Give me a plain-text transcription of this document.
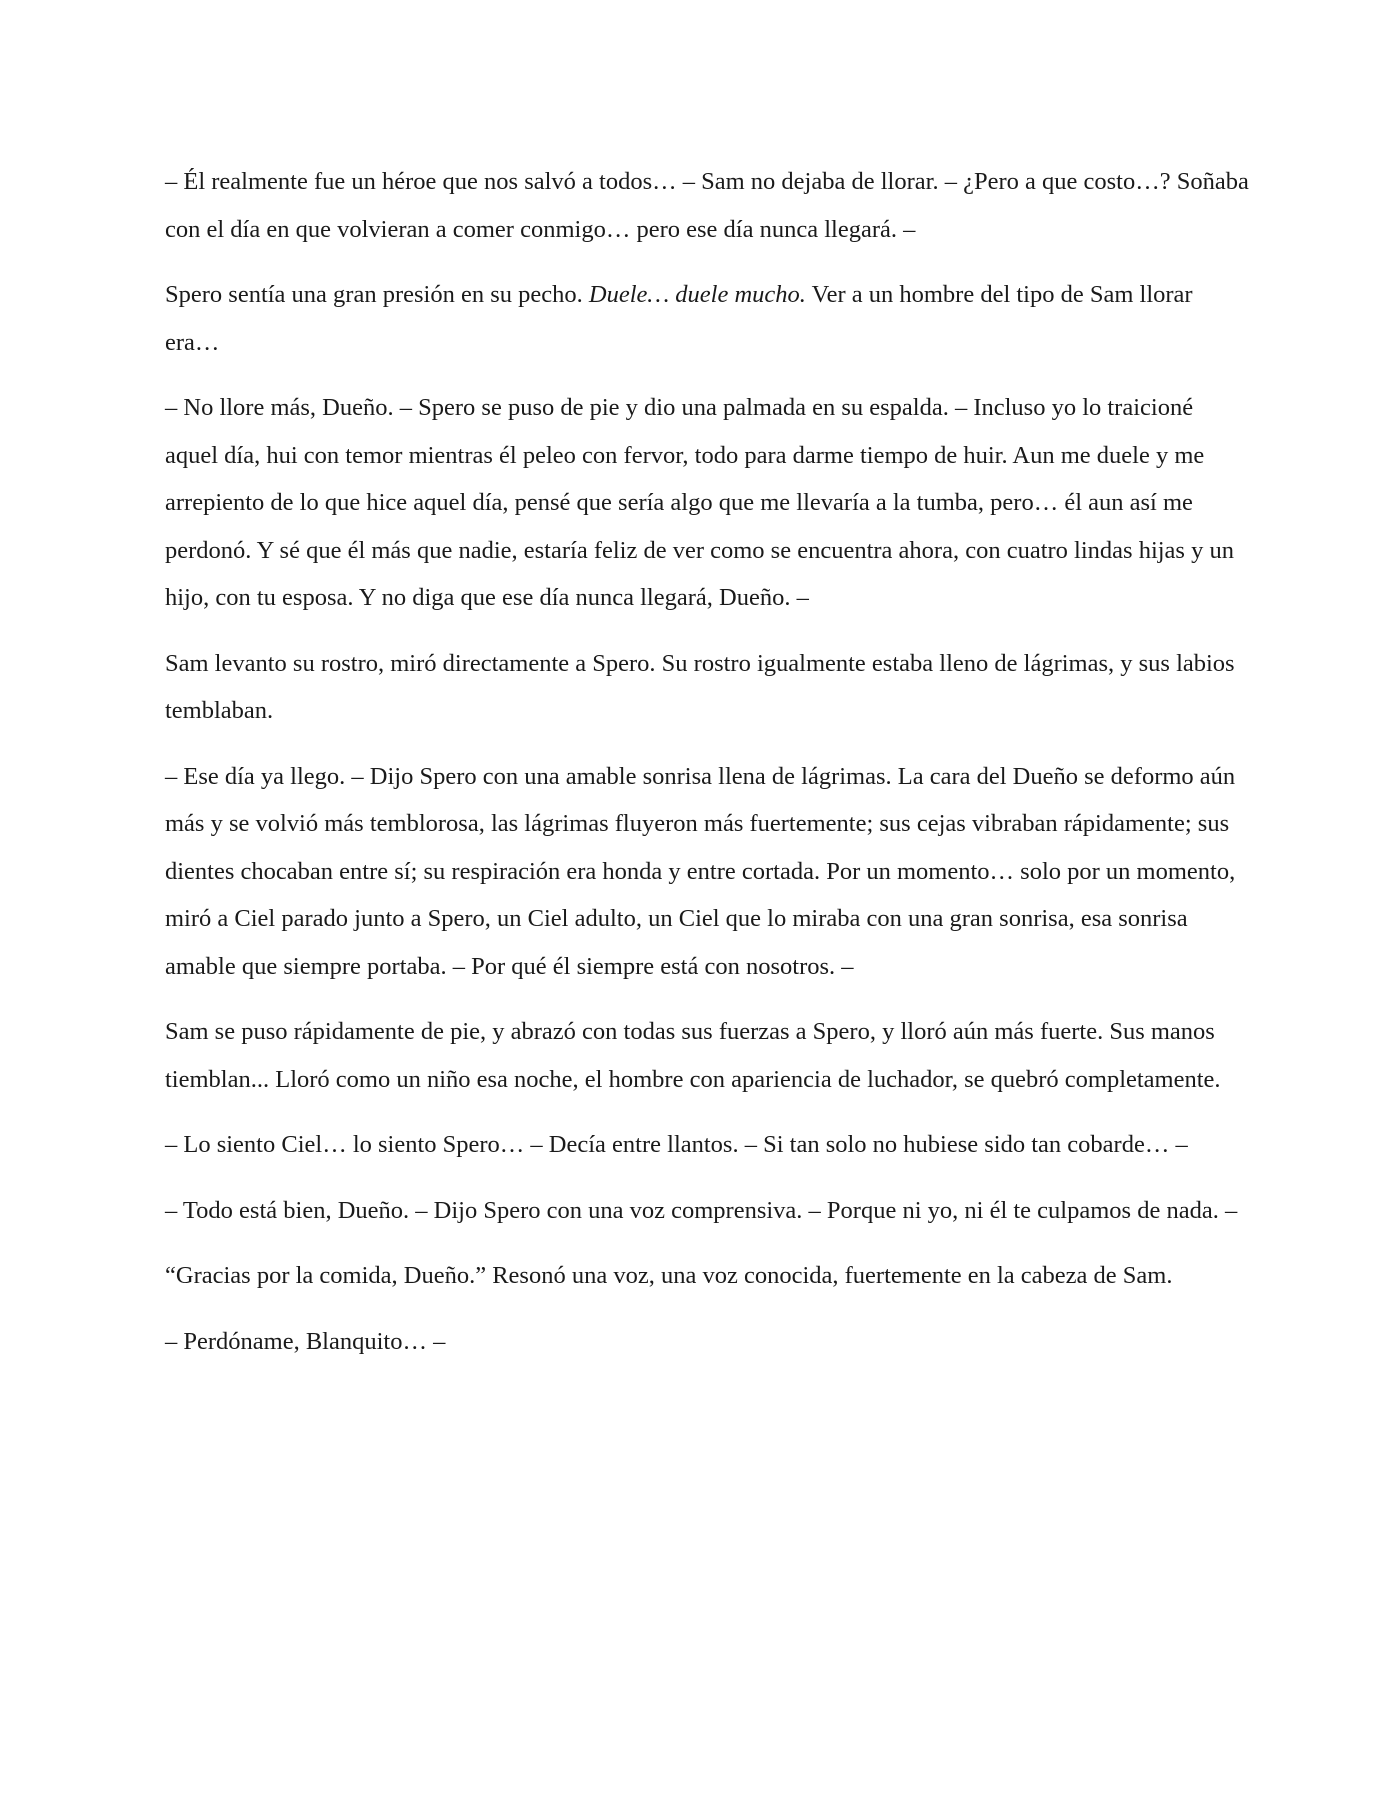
– Él realmente fue un héroe que nos salvó a todos… – Sam no dejaba de llorar. – ¿Pero a que costo…? Soñaba con el día en que volvieran a comer conmigo… pero ese día nunca llegará. –

Spero sentía una gran presión en su pecho. Duele… duele mucho. Ver a un hombre del tipo de Sam llorar era…

– No llore más, Dueño. – Spero se puso de pie y dio una palmada en su espalda. – Incluso yo lo traicioné aquel día, hui con temor mientras él peleo con fervor, todo para darme tiempo de huir. Aun me duele y me arrepiento de lo que hice aquel día, pensé que sería algo que me llevaría a la tumba, pero… él aun así me perdonó. Y sé que él más que nadie, estaría feliz de ver como se encuentra ahora, con cuatro lindas hijas y un hijo, con tu esposa. Y no diga que ese día nunca llegará, Dueño. –

Sam levanto su rostro, miró directamente a Spero. Su rostro igualmente estaba lleno de lágrimas, y sus labios temblaban.

– Ese día ya llego. – Dijo Spero con una amable sonrisa llena de lágrimas. La cara del Dueño se deformo aún más y se volvió más temblorosa, las lágrimas fluyeron más fuertemente; sus cejas vibraban rápidamente; sus dientes chocaban entre sí; su respiración era honda y entre cortada. Por un momento… solo por un momento, miró a Ciel parado junto a Spero, un Ciel adulto, un Ciel que lo miraba con una gran sonrisa, esa sonrisa amable que siempre portaba. – Por qué él siempre está con nosotros. –

Sam se puso rápidamente de pie, y abrazó con todas sus fuerzas a Spero, y lloró aún más fuerte. Sus manos tiemblan... Lloró como un niño esa noche, el hombre con apariencia de luchador, se quebró completamente.

– Lo siento Ciel… lo siento Spero… – Decía entre llantos. – Si tan solo no hubiese sido tan cobarde… –

– Todo está bien, Dueño. – Dijo Spero con una voz comprensiva. – Porque ni yo, ni él te culpamos de nada. –

“Gracias por la comida, Dueño.” Resonó una voz, una voz conocida, fuertemente en la cabeza de Sam.

– Perdóname, Blanquito… –
